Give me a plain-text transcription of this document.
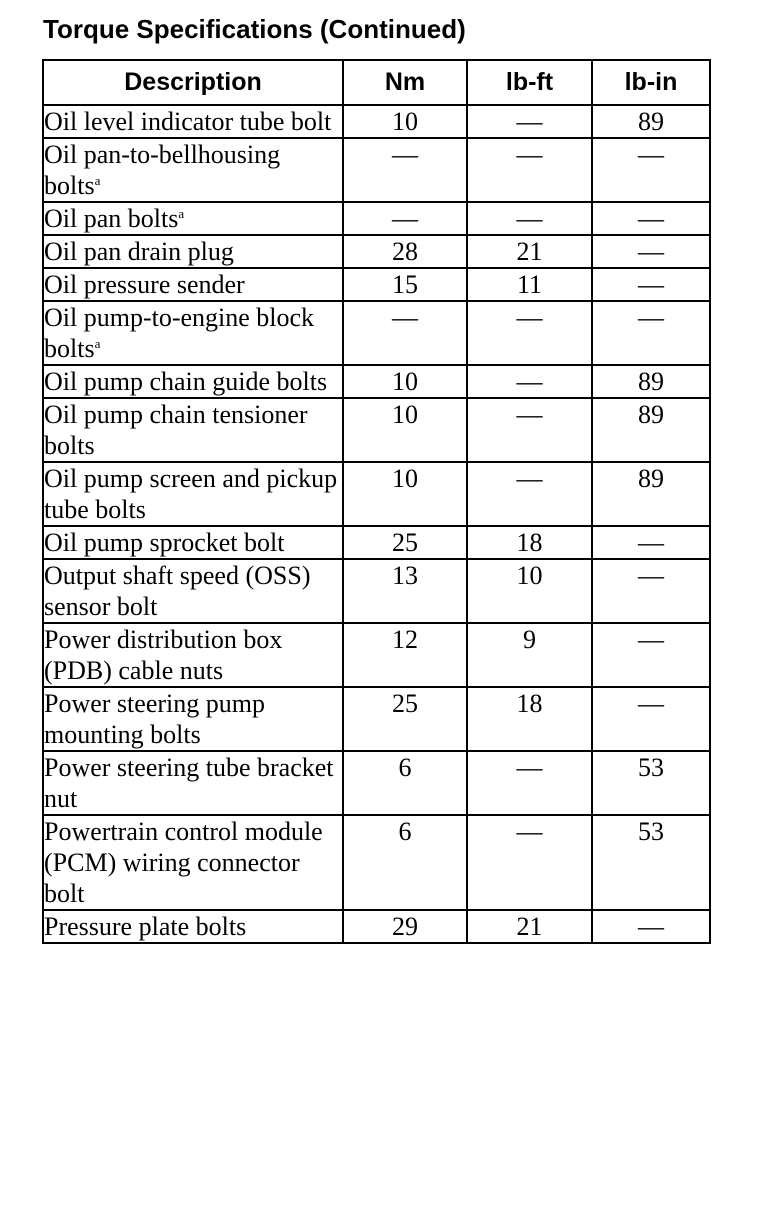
Torque Specifications (Continued)
Description	Nm	lb-ft	lb-in
Oil level indicator tube bolt	10	—	89
Oil pan-to-bellhousing bolts$^a$	—	—	—
Oil pan bolts$^a$	—	—	—
Oil pan drain plug	28	21	—
Oil pressure sender	15	11	—
Oil pump-to-engine block bolts$^a$	—	—	—
Oil pump chain guide bolts	10	—	89
Oil pump chain tensioner bolts	10	—	89
Oil pump screen and pickup tube bolts	10	—	89
Oil pump sprocket bolt	25	18	—
Output shaft speed (OSS) sensor bolt	13	10	—
Power distribution box (PDB) cable nuts	12	9	—
Power steering pump mounting bolts	25	18	—
Power steering tube bracket nut	6	—	53
Powertrain control module (PCM) wiring connector bolt	6	—	53
Pressure plate bolts	29	21	—
